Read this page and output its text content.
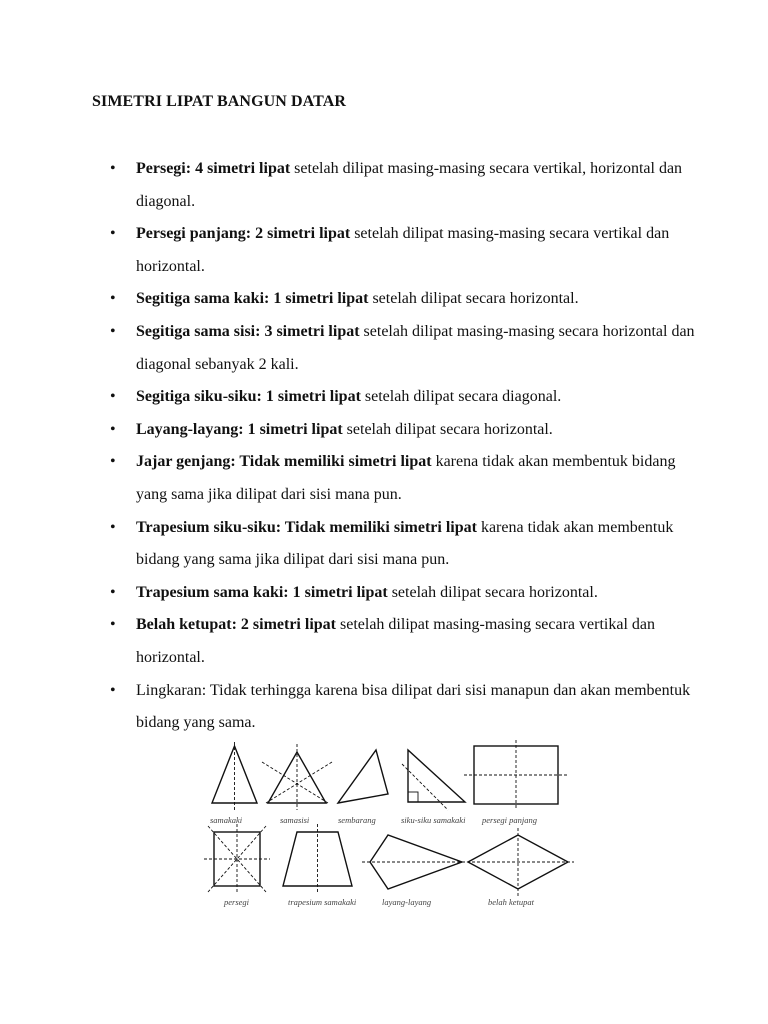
SIMETRI LIPAT BANGUN DATAR
• Persegi: 4 simetri lipat setelah dilipat masing-masing secara vertikal, horizontal dan diagonal.
• Persegi panjang: 2 simetri lipat setelah dilipat masing-masing secara vertikal dan horizontal.
• Segitiga sama kaki: 1 simetri lipat setelah dilipat secara horizontal.
• Segitiga sama sisi: 3 simetri lipat setelah dilipat masing-masing secara horizontal dan diagonal sebanyak 2 kali.
• Segitiga siku-siku: 1 simetri lipat setelah dilipat secara diagonal.
• Layang-layang: 1 simetri lipat setelah dilipat secara horizontal.
• Jajar genjang: Tidak memiliki simetri lipat karena tidak akan membentuk bidang yang sama jika dilipat dari sisi mana pun.
• Trapesium siku-siku: Tidak memiliki simetri lipat karena tidak akan membentuk bidang yang sama jika dilipat dari sisi mana pun.
• Trapesium sama kaki: 1 simetri lipat setelah dilipat secara horizontal.
• Belah ketupat: 2 simetri lipat setelah dilipat masing-masing secara vertikal dan horizontal.
• Lingkaran: Tidak terhingga karena bisa dilipat dari sisi manapun dan akan membentuk bidang yang sama.
samakaki	samasisi	sembarang	siku-siku samakaki persegi panjang
persegi	trapesium samakaki	layang-layang	belah ketupat
